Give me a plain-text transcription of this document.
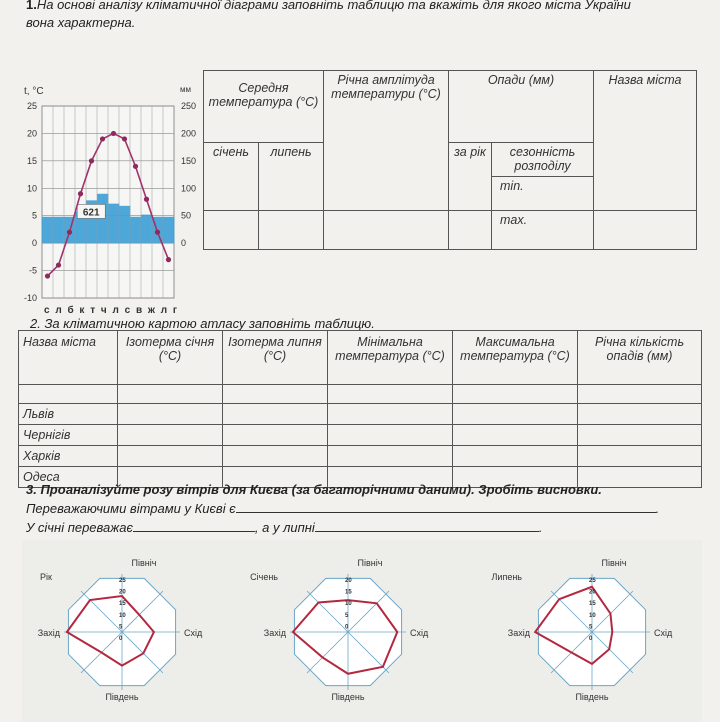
1.На основі аналізу кліматичної діаграми заповніть таблицю та вкажіть для якого міста України
вона характерна.
t, °C	мм
25
20
15
10
5
0
-5
-10
250
200
150
100
50
0
621
с л б к т ч л с в ж л г
Середня температура (°С)		Річна амплітуда температури (°С)	Опади (мм)		Назва міста
січень	липень		за рік	сезонність розподілу	
				min.	
				max.	
2. За кліматичною картою атласу заповніть таблицю.
Назва міста	Ізотерма січня (°С)	Ізотерма липня (°С)	Мінімальна температура (°С)	Максимальна температура (°С)	Річна кількість опадів (мм)

Львів					
Чернігів					
Харків					
Одеса					
3. Проаналізуйте розу вітрів для Києва (за багаторічними даними). Зробіть висновки.
Переважаючими вітрами у Києві є	.
У січні переважає	, а у липні	.
25
20
15
10
5
0
Північ
Південь
Захід	Схід
Рік	20
15
10
5
0
Північ
Південь
Захід	Схід
Січень	25
20
15
10
5
0
Північ
Південь
Захід	Схід
Липень
